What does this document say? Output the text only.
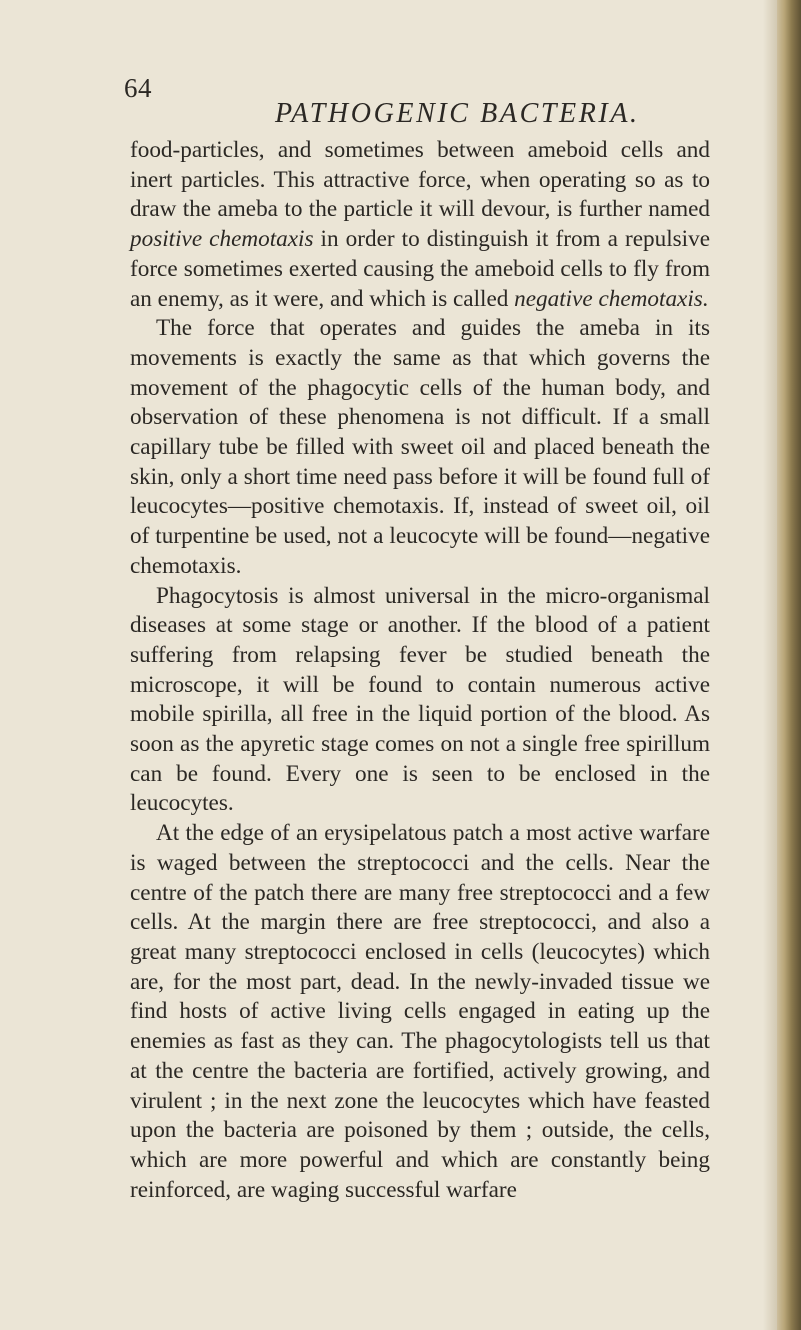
64
PATHOGENIC BACTERIA.

food-particles, and sometimes between ameboid cells and inert particles. This attractive force, when operating so as to draw the ameba to the particle it will devour, is further named positive chemotaxis in order to distinguish it from a repulsive force sometimes exerted causing the ameboid cells to fly from an enemy, as it were, and which is called negative chemotaxis.

The force that operates and guides the ameba in its movements is exactly the same as that which governs the movement of the phagocytic cells of the human body, and observation of these phenomena is not difficult. If a small capillary tube be filled with sweet oil and placed beneath the skin, only a short time need pass before it will be found full of leucocytes—positive chemotaxis. If, instead of sweet oil, oil of turpentine be used, not a leucocyte will be found—negative chemotaxis.

Phagocytosis is almost universal in the micro-organismal diseases at some stage or another. If the blood of a patient suffering from relapsing fever be studied beneath the microscope, it will be found to contain numerous active mobile spirilla, all free in the liquid portion of the blood. As soon as the apyretic stage comes on not a single free spirillum can be found. Every one is seen to be enclosed in the leucocytes.

At the edge of an erysipelatous patch a most active warfare is waged between the streptococci and the cells. Near the centre of the patch there are many free streptococci and a few cells. At the margin there are free streptococci, and also a great many streptococci enclosed in cells (leucocytes) which are, for the most part, dead. In the newly-invaded tissue we find hosts of active living cells engaged in eating up the enemies as fast as they can. The phagocytologists tell us that at the centre the bacteria are fortified, actively growing, and virulent ; in the next zone the leucocytes which have feasted upon the bacteria are poisoned by them ; outside, the cells, which are more powerful and which are constantly being reinforced, are waging successful warfare
